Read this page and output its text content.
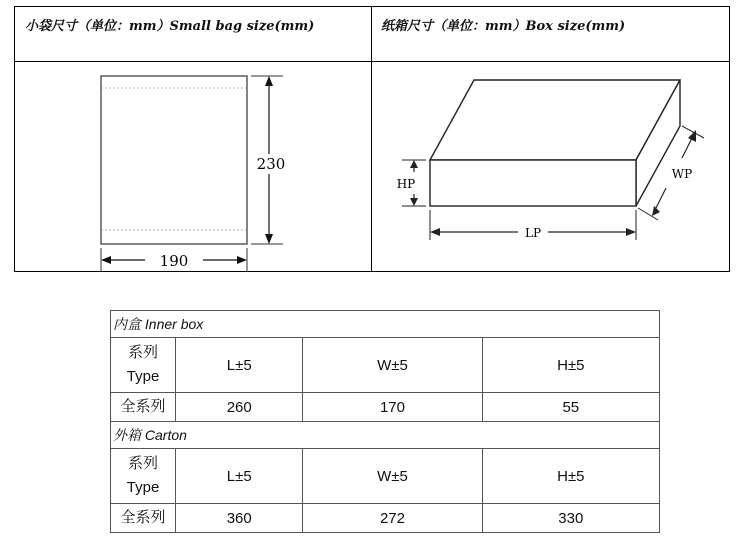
小袋尺寸（单位：mm）Small bag size(mm)	纸箱尺寸（单位：mm）Box size(mm)
230
190
HP
LP
WP
内盒 Inner box			
系列
Type	L±5	W±5	H±5
全系列	260	170	55
外箱 Carton			
系列
Type	L±5	W±5	H±5
全系列	360	272	330
